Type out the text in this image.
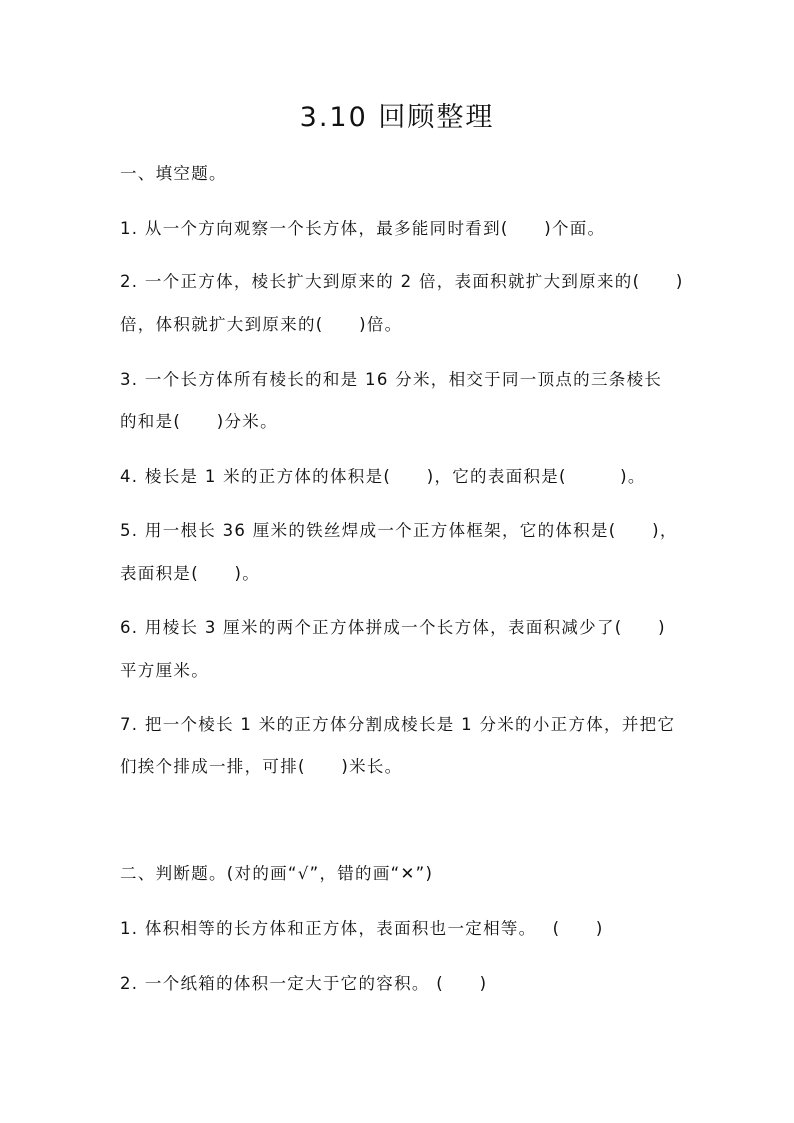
3.10 回顾整理
一、填空题。
1. 从一个方向观察一个长方体，最多能同时看到(　　)个面。
2. 一个正方体，棱长扩大到原来的 2 倍，表面积就扩大到原来的(　　)
倍，体积就扩大到原来的(　　)倍。
3. 一个长方体所有棱长的和是 16 分米，相交于同一顶点的三条棱长
的和是(　　)分米。
4. 棱长是 1 米的正方体的体积是(　　)，它的表面积是(　　　)。
5. 用一根长 36 厘米的铁丝焊成一个正方体框架，它的体积是(　　)，
表面积是(　　)。
6. 用棱长 3 厘米的两个正方体拼成一个长方体，表面积减少了(　　)
平方厘米。
7. 把一个棱长 1 米的正方体分割成棱长是 1 分米的小正方体，并把它
们挨个排成一排，可排(　　)米长。
二、判断题。(对的画“√”，错的画“✕”)
1. 体积相等的长方体和正方体，表面积也一定相等。　 (　　)
2. 一个纸箱的体积一定大于它的容积。 (　　)
